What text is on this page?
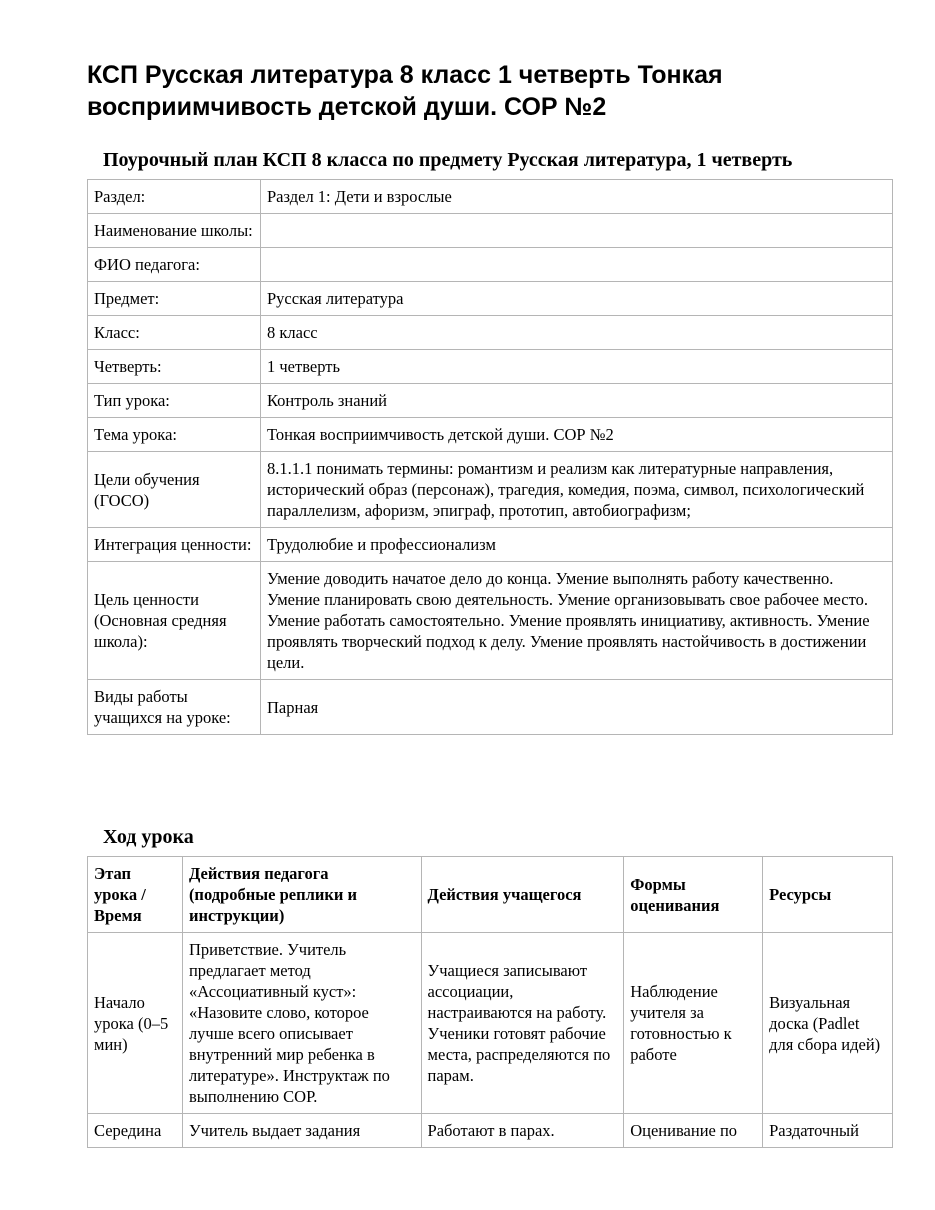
КСП Русская литература 8 класс 1 четверть Тонкая восприимчивость детской души. СОР №2
Поурочный план КСП 8 класса по предмету Русская литература, 1 четверть
Раздел:	Раздел 1: Дети и взрослые
Наименование школы:	
ФИО педагога:	
Предмет:	Русская литература
Класс:	8 класс
Четверть:	1 четверть
Тип урока:	Контроль знаний
Тема урока:	Тонкая восприимчивость детской души. СОР №2
Цели обучения (ГОСО)	8.1.1.1 понимать термины: романтизм и реализм как литературные направления, исторический образ (персонаж), трагедия, комедия, поэма, символ, психологический параллелизм, афоризм, эпиграф, прототип, автобиографизм;
Интеграция ценности:	Трудолюбие и профессионализм
Цель ценности (Основная средняя школа):	Умение доводить начатое дело до конца. Умение выполнять работу качественно. Умение планировать свою деятельность. Умение организовывать свое рабочее место. Умение работать самостоятельно. Умение проявлять инициативу, активность. Умение проявлять творческий подход к делу. Умение проявлять настойчивость в достижении цели.
Виды работы учащихся на уроке:	Парная
Ход урока
Этап урока / Время	Действия педагога (подробные реплики и инструкции)	Действия учащегося	Формы оценивания	Ресурсы
Начало урока (0–5 мин)	Приветствие. Учитель предлагает метод «Ассоциативный куст»: «Назовите слово, которое лучше всего описывает внутренний мир ребенка в литературе». Инструктаж по выполнению СОР.	Учащиеся записывают ассоциации, настраиваются на работу. Ученики готовят рабочие места, распределяются по парам.	Наблюдение учителя за готовностью к работе	Визуальная доска (Padlet для сбора идей)
Середина	Учитель выдает задания	Работают в парах.	Оценивание по	Раздаточный
